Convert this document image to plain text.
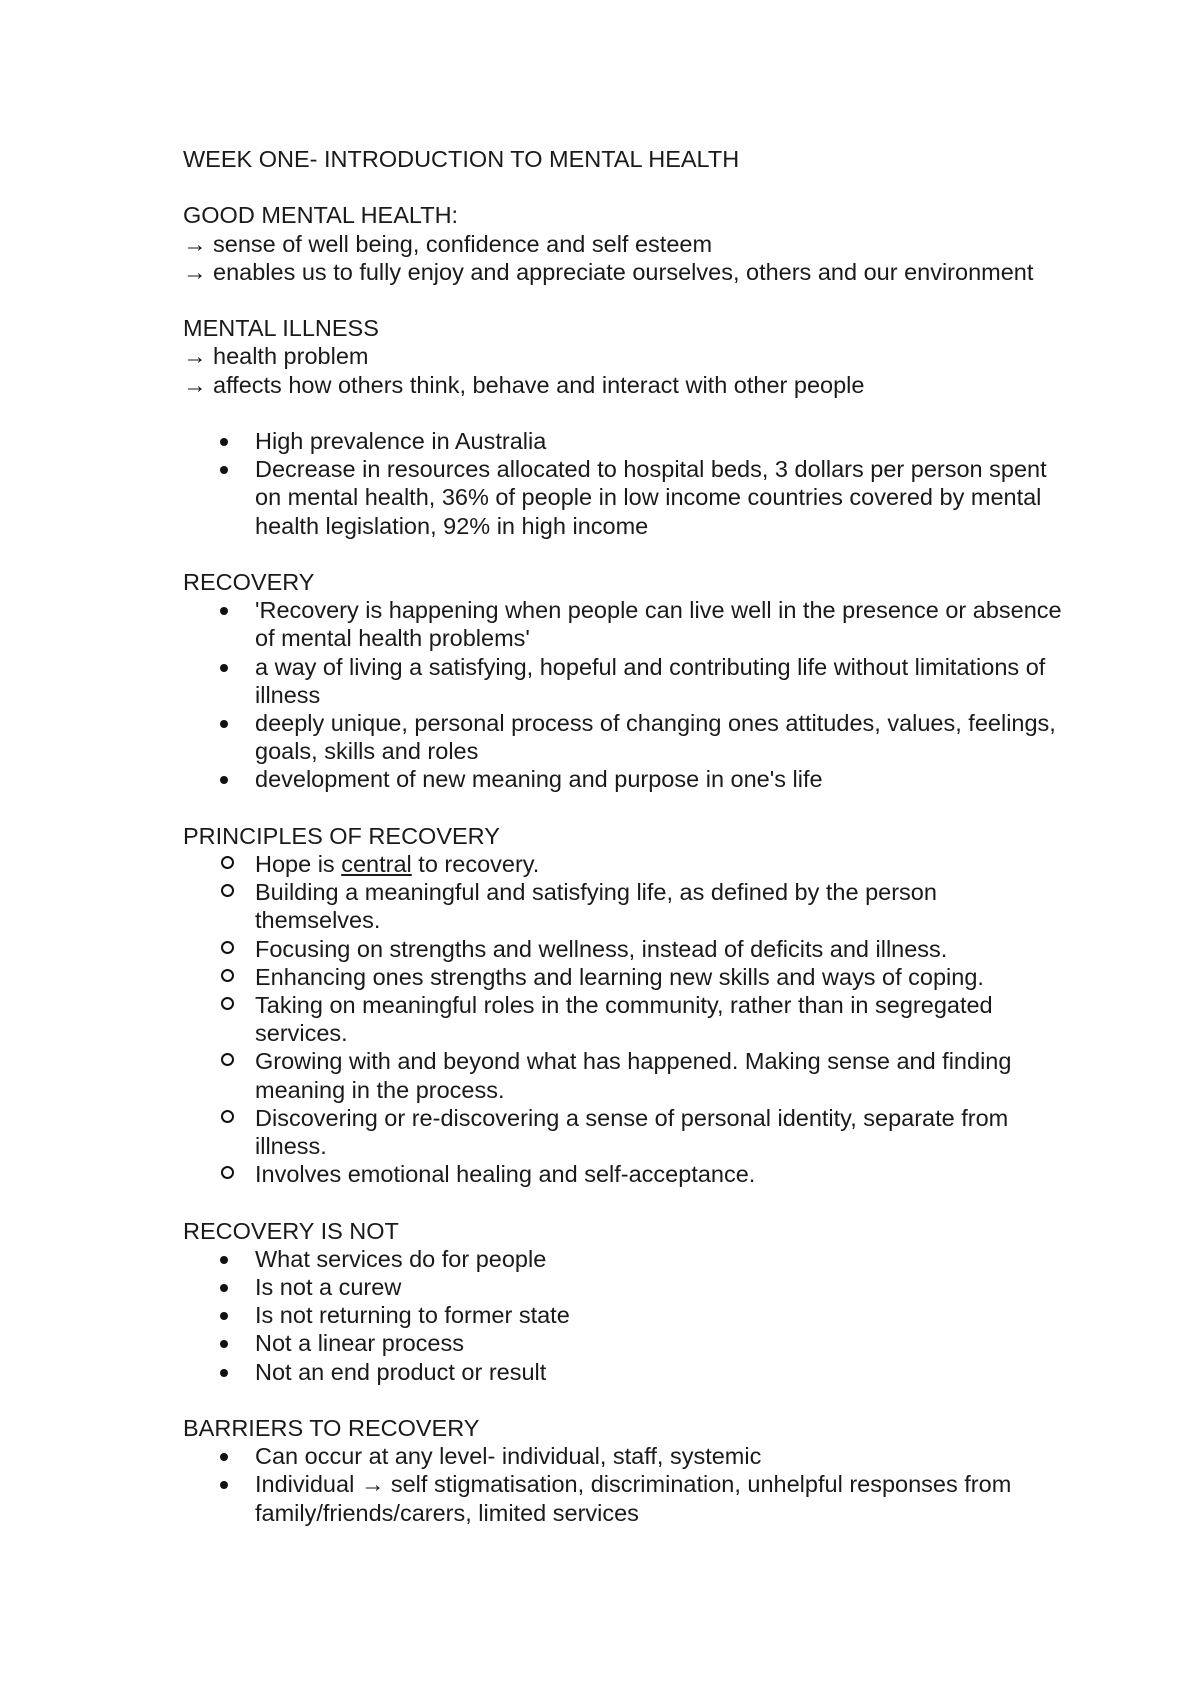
WEEK ONE- INTRODUCTION TO MENTAL HEALTH

GOOD MENTAL HEALTH:

→ sense of well being, confidence and self esteem

→ enables us to fully enjoy and appreciate ourselves, others and our environment

MENTAL ILLNESS

→ health problem

→ affects how others think, behave and interact with other people

High prevalence in Australia
Decrease in resources allocated to hospital beds, 3 dollars per person spent on mental health, 36% of people in low income countries covered by mental health legislation, 92% in high income

RECOVERY

'Recovery is happening when people can live well in the presence or absence of mental health problems'
a way of living a satisfying, hopeful and contributing life without limitations of illness
deeply unique, personal process of changing ones attitudes, values, feelings, goals, skills and roles
development of new meaning and purpose in one's life

PRINCIPLES OF RECOVERY

Hope is central to recovery.
Building a meaningful and satisfying life, as defined by the person themselves.
Focusing on strengths and wellness, instead of deficits and illness.
Enhancing ones strengths and learning new skills and ways of coping.
Taking on meaningful roles in the community, rather than in segregated services.
Growing with and beyond what has happened. Making sense and finding meaning in the process.
Discovering or re-discovering a sense of personal identity, separate from illness.
Involves emotional healing and self-acceptance.

RECOVERY IS NOT

What services do for people
Is not a curew
Is not returning to former state
Not a linear process
Not an end product or result

BARRIERS TO RECOVERY

Can occur at any level- individual, staff, systemic
Individual → self stigmatisation, discrimination, unhelpful responses from family/friends/carers, limited services
